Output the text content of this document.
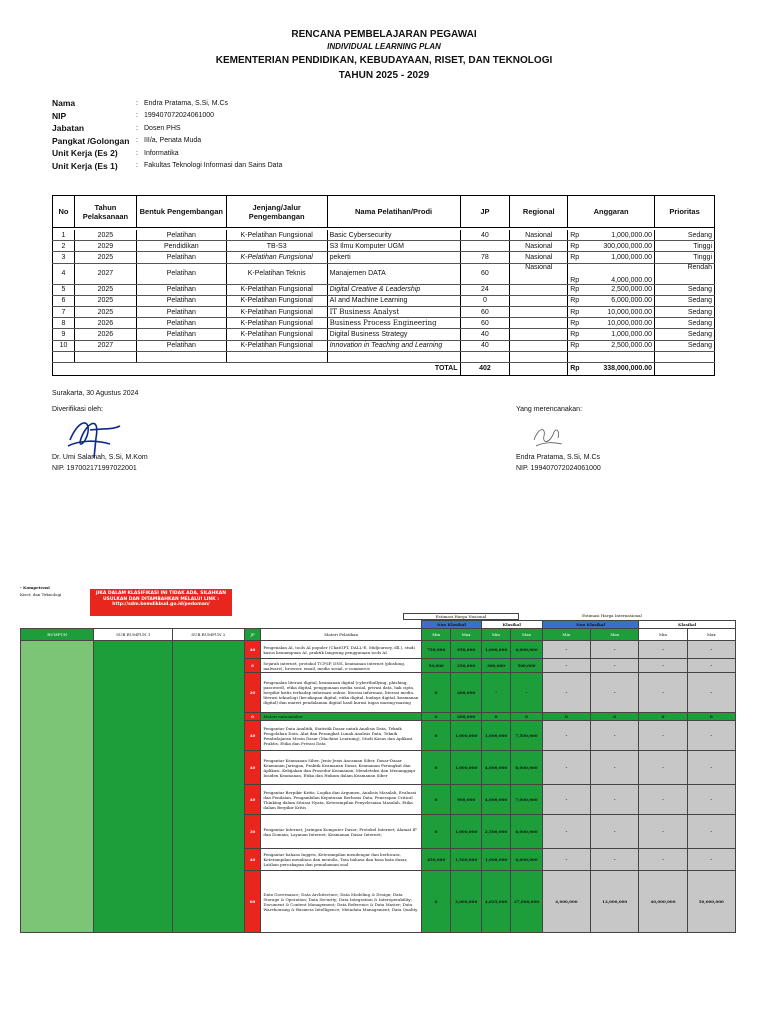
RENCANA PEMBELAJARAN PEGAWAI
INDIVIDUAL LEARNING PLAN
KEMENTERIAN PENDIDIKAN, KEBUDAYAAN, RISET, DAN TEKNOLOGI
TAHUN 2025 - 2029
Nama	: Endra Pratama, S.Si, M.Cs
NIP	: 199407072024061000
Jabatan	: Dosen PHS
Pangkat /Golongan : III/a, Penata Muda
Unit Kerja (Es 2)	: Informatika
Unit Kerja (Es 1)	: Fakultas Teknologi Informasi dan Sains Data
No	Tahun Pelaksanaan	Bentuk Pengembangan	Jenjang/Jalur Pengembangan	Nama Pelatihan/Prodi	JP	Regional	Anggaran	Prioritas

1	2025	Pelatihan	K-Pelatihan Fungsional	Basic Cybersecurity	40	Nasional	Rp 1,000,000.00	Sedang
2	2029	Pendidikan	TB-S3	S3 Ilmu Komputer UGM		Nasional	Rp 300,000,000.00	Tinggi
3	2025	Pelatihan	K-Pelatihan Fungsional	pekerti	78	Nasional	Rp 1,000,000.00	Tinggi
4	2027	Pelatihan	K-Pelatihan Teknis	Manajemen DATA	60	Nasional	Rp 4,000,000.00	Rendah
5	2025	Pelatihan	K-Pelatihan Fungsional	Digital Creative & Leadership	24		Rp 2,500,000.00	Sedang
6	2025	Pelatihan	K-Pelatihan Fungsional	AI and Machine Learning	0		Rp 6,000,000.00	Sedang
7	2025	Pelatihan	K-Pelatihan Fungsional	IT Business Analyst	60		Rp 10,000,000.00	Sedang
8	2026	Pelatihan	K-Pelatihan Fungsional	Business Process Engineering	60		Rp 10,000,000.00	Sedang
9	2026	Pelatihan	K-Pelatihan Fungsional	Digital Business Strategy	40		Rp 1,000,000.00	Sedang
10	2027	Pelatihan	K-Pelatihan Fungsional	Innovation in Teaching and Learning	40		Rp 2,500,000.00	Sedang

TOTAL					402		Rp 338,000,000.00	

Surakarta, 30 Agustus 2024
Diverifikasi oleh:
Dr. Umi Salamah, S.Si, M.Kom
NIP. 197002171997022001
Yang merencanakan:
Endra Pratama, S.Si, M.Cs
NIP. 199407072024061000
- Kompetensi
Kiset, dan Teknologi	JIKA DALAM KLASIFIKASI INI TIDAK ADA, SILAHKAN USULKAN DAN DITAMBAHKAN MELALUI LINK : http://sdm.kemdikbud.go.id/pedoman/
Estimasi Harga Nasional	Estimasi Harga Internasional
					Non Klasikal		Klasikal		Non Klasikal		Klasikal	
RUMPUN	SUB RUMPUN 1	SUB RUMPUN 2	JP	Materi Pelatihan	Min	Max	Min	Max	Min	Max	Min	Max
			40	Pengenalan AI, tools AI populer (ChatGPT, DALL-E, Midjourney, dll.), studi kasus kemampuan AI, praktik langsung penggunaan tools AI.	750,000	950,000	1,000,000	4,000,000	-	-	-	-
			6	Sejarah internet, protokol TCP/IP, DNS, keamanan internet (phishing, malware), browser, email, media sosial, e-commerce	50,000	250,000	300,000	500,000	-	-	-	-
			20	Pengenalan literasi digital, keamanan digital (cybertbullying, phishing, password), etika digital, penggunaan media sosial, privasi data, hak cipta, berpikir kritis terhadap informasi online, literasi informasi, literasi media, literasi teknologi (kecakapan digital, etika digital, budaya digital, keamanan digital) dan materi pendalaman digital hasil kurasi tugas masing-masing	0	200,000	-	-	-	-	-	-
			0	Materi narasumber	0	200,000	0	0	0	0	0	0
			40	Pengantar Data Analitik, Statistik Dasar untuk Analisis Data, Teknik Pengolahan Data, Alat dan Perangkat Lunak Analisis Data, Teknik Pembelajaran Mesin Dasar (Machine Learning), Studi Kasus dan Aplikasi Praktis, Etika dan Privasi Data	0	1,000,000	1,000,000	7,500,000	-	-	-	-
			40	Pengantar Keamanan Siber, Jenis-Jenis Ancaman Siber, Dasar-Dasar Keamanan Jaringan, Praktik Keamanan Dasar, Keamanan Perangkat dan Aplikasi, Kebijakan dan Prosedur Keamanan, Mendeteksi dan Menanggapi Insiden Keamanan, Etika dan Hukum dalam Keamanan Siber	0	1,000,000	4,000,000	8,000,000	-	-	-	-
			40	Pengantar Berpikir Kritis, Logika dan Argumen, Analisis Masalah, Evaluasi dan Penilaian, Pengambilan Keputusan Berbasis Data, Penerapan Critical Thinking dalam Situasi Nyata, Keterampilan Penyelesaian Masalah, Etika dalam Berpikir Kritis	0	900,000	4,000,000	7,000,000	-	-	-	-
			30	Pengantar Internet; Jaringan Komputer Dasar; Protokol Internet; Alamat IP dan Domain; Layanan Internet; Keamanan Dasar Internet;	0	1,000,000	2,500,000	6,000,000	-	-	-	-
			40	Pengantar bahasa Inggris, Keterampilan mendengar dan berbicara, Keterampilan membaca dan menulis, Tata bahasa dan kosa kata dasar, Latihan percakapan dan pemahaman soal	450,000	1,500,000	1,000,000	6,000,000	-	-	-	-
			60	Data Governance; Data Architecture; Data Modeling & Design; Data Storage & Operation; Data Security; Data Integration & Interoperability; Document & Content Management; Data Reference & Data Master; Data Warehousing & Business Intelligence; Metadata Management; Data Quality	0	3,000,000	4,625,000	27,000,000	4,000,000	12,000,000	40,000,000	50,000,000
